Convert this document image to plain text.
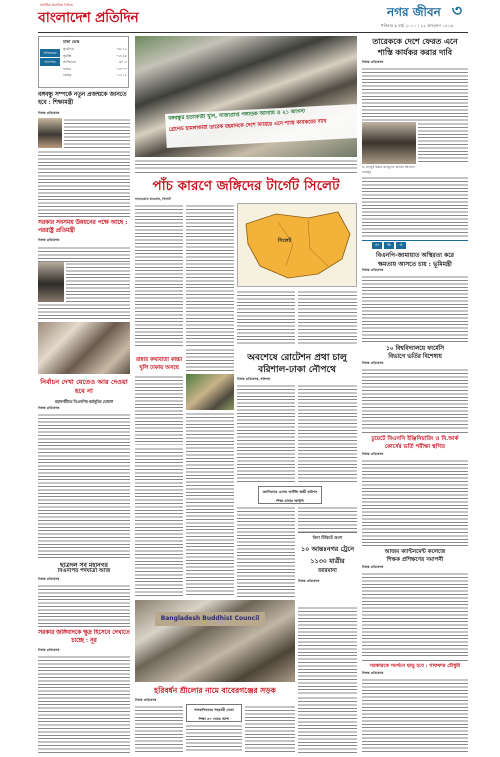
সর্বাধিক প্রচারিত দৈনিক
বাংলাদেশ প্রতিদিন	নগর জীবন ৩
শনিবার ৬ মার্চ ২০১০ । ২২ ফাল্গুন ১৪১৬
আজকের
সনদপত্র
ঢাকা ডেস্ক
সূর্যোদয়	০৬:১২
সূর্যাস্ত	০৫:৫৫
তাপমাত্রা	৩০.৫
ফজর	০৫:০০
যোহর	১২:১৫
বঙ্গবন্ধু সম্পর্কে নতুন প্রজন্মকে জানতে হবে : শিক্ষামন্ত্রী
নিজস্ব প্রতিবেদক
সরকার সবসময় উন্নয়নের পক্ষে আছে : পররাষ্ট্র প্রতিমন্ত্রী
নিজস্ব প্রতিবেদক
নির্বাচন দেখা যেতেও আর দেওয়া হবে না
মহানগরীতে বিএনপির কর্মসূচির ঘোষণা
নিজস্ব প্রতিবেদক
ছাত্রদল সব মহানগর
বিএনপির পদযাত্রা আজ
নিজস্ব প্রতিবেদক
সরকার জঙ্গিবাদকে ক্ষুদ্র হিসেবে দেখাতে চাচ্ছে : নূর
নিজস্ব প্রতিবেদক
বঙ্গবন্ধুর হত্যাকারী খুনি, সাজাপ্রাপ্ত পলাতক আসামি ও ২১ আগস্ট
গ্রেনেড হামলাকারী তারেক রহমানকে দেশে ফিরিয়ে এনে শাস্তি কার্যকরের দাবি
পাঁচ কারণে জঙ্গিদের টার্গেট সিলেট
সাখাওয়াত কাওসার, সিলেট
সিলেট
রান্নার কথাবার্তা কাচ্চা খুলি ঢাকায় অসছে
অবশেষে রোটেশন প্রথা চালু
বরিশাল-ঢাকা নৌপথে
নিজস্ব প্রতিবেদক, বরিশাল
ক্যাসিনোর এনাত আর্টলি স্থায়ী কমিশন
শিক্ষা রাখার আইসি
বিনা টিকিটে ভ্রমণ
১০ আন্তঃনগর ট্রেনে
১১৩০ যাত্রীর
জরিমানা
নিজস্ব প্রতিবেদক
Bangladesh Buddhist Council
হরিবর্ধন শ্রীলোর নামে বাবেরগঞ্জের সড়ক
নিজস্ব প্রতিবেদক
সাংবাদিকদের সহকারী নেতা
শিক্ষা ৩০ থেকে আশা
তারেককে দেশে ফেরত এনে
শাস্তি কার্যকর করার দাবি
নিজস্ব প্রতিবেদক
ড. মাহবুব উল্লাহ মাহমুদের জামিন আবেদন নামঞ্জুর
সং	ক্ষি	প্ত
বিএনপি-জামায়াত অস্থিরতা করে
ক্ষমতায় আসতে চায় : ভূমিমন্ত্রী
নিজস্ব প্রতিবেদক
১০ বিশ্ববিদ্যালয়ে ফার্মেসি
বিভাগে ভর্তির বিশেষায়
নিজস্ব প্রতিবেদক
ঢুয়েটে বিএসসি ইঞ্জিনিয়ারিং ও বি.আর্ক
কোর্সের ভর্তি পরীক্ষা স্থগিত
নিজস্ব প্রতিবেদক
আজম ক্যান্টনমেন্ট কলেজে
শিক্ষক প্রশিক্ষণের সমাপনী
নিজস্ব প্রতিবেদক
সরকারকে সমর্থনে ছাড়ু হবে : গাফফার চৌধুরী
নিজস্ব প্রতিবেদক
